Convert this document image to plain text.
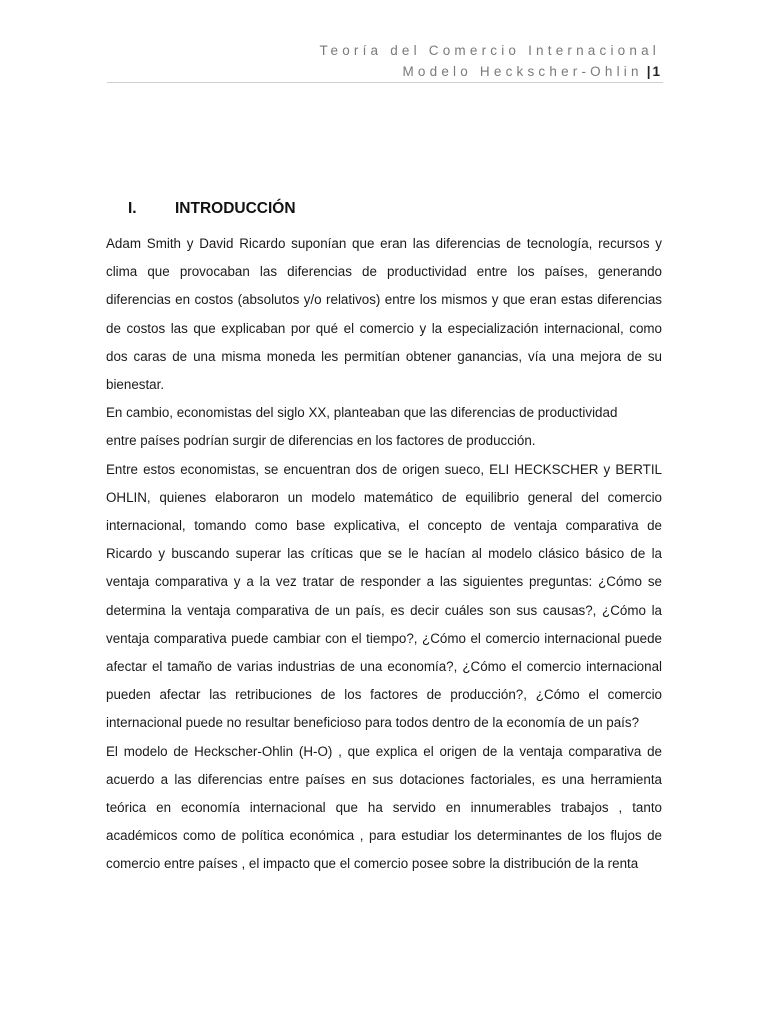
Teoría del Comercio Internacional
Modelo Heckscher-Ohlin | 1
I. INTRODUCCIÓN

Adam Smith y David Ricardo suponían que eran las diferencias de tecnología, recursos y clima que provocaban las diferencias de productividad entre los países, generando diferencias en costos (absolutos y/o relativos) entre los mismos y que eran estas diferencias de costos las que explicaban por qué el comercio y la especialización internacional, como dos caras de una misma moneda les permitían obtener ganancias, vía una mejora de su bienestar.

En cambio, economistas del siglo XX, planteaban que las diferencias de productividad

entre países podrían surgir de diferencias en los factores de producción.

Entre estos economistas, se encuentran dos de origen sueco, ELI HECKSCHER y BERTIL OHLIN, quienes elaboraron un modelo matemático de equilibrio general del comercio internacional, tomando como base explicativa, el concepto de ventaja comparativa de Ricardo y buscando superar las críticas que se le hacían al modelo clásico básico de la ventaja comparativa y a la vez tratar de responder a las siguientes preguntas: ¿Cómo se determina la ventaja comparativa de un país, es decir cuáles son sus causas?, ¿Cómo la ventaja comparativa puede cambiar con el tiempo?, ¿Cómo el comercio internacional puede afectar el tamaño de varias industrias de una economía?, ¿Cómo el comercio internacional pueden afectar las retribuciones de los factores de producción?, ¿Cómo el comercio internacional puede no resultar beneficioso para todos dentro de la economía de un país?

El modelo de Heckscher-Ohlin (H-O) , que explica el origen de la ventaja comparativa de acuerdo a las diferencias entre países en sus dotaciones factoriales, es una herramienta teórica en economía internacional que ha servido en innumerables trabajos , tanto académicos como de política económica , para estudiar los determinantes de los flujos de comercio entre países , el impacto que el comercio posee sobre la distribución de la renta
